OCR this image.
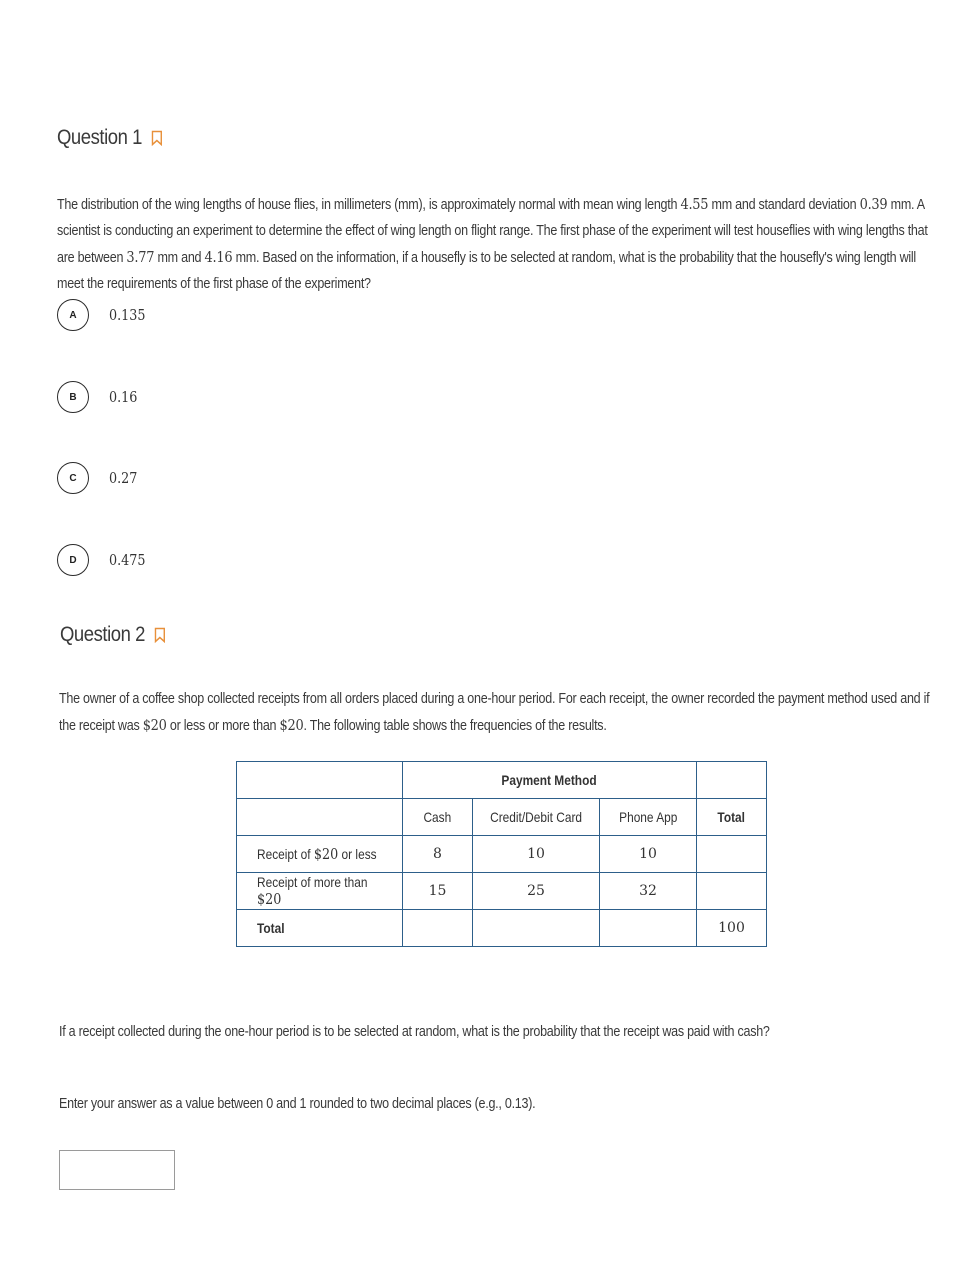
Question 1
The distribution of the wing lengths of house flies, in millimeters (mm), is approximately normal with mean wing length 4.55 mm and standard deviation 0.39 mm. A scientist is conducting an experiment to determine the effect of wing length on flight range. The first phase of the experiment will test houseflies with wing lengths that are between 3.77 mm and 4.16 mm. Based on the information, if a housefly is to be selected at random, what is the probability that the housefly's wing length will meet the requirements of the first phase of the experiment?
A	0.135
B	0.16
C	0.27
D	0.475
Question 2
The owner of a coffee shop collected receipts from all orders placed during a one-hour period. For each receipt, the owner recorded the payment method used and if the receipt was $20 or less or more than $20. The following table shows the frequencies of the results.
	Payment Method			
	Cash	Credit/Debit Card	Phone App	Total
Receipt of $20 or less	8	10	10	
Receipt of more than $20	15	25	32	
Total				100
If a receipt collected during the one-hour period is to be selected at random, what is the probability that the receipt was paid with cash?
Enter your answer as a value between 0 and 1 rounded to two decimal places (e.g., 0.13).
